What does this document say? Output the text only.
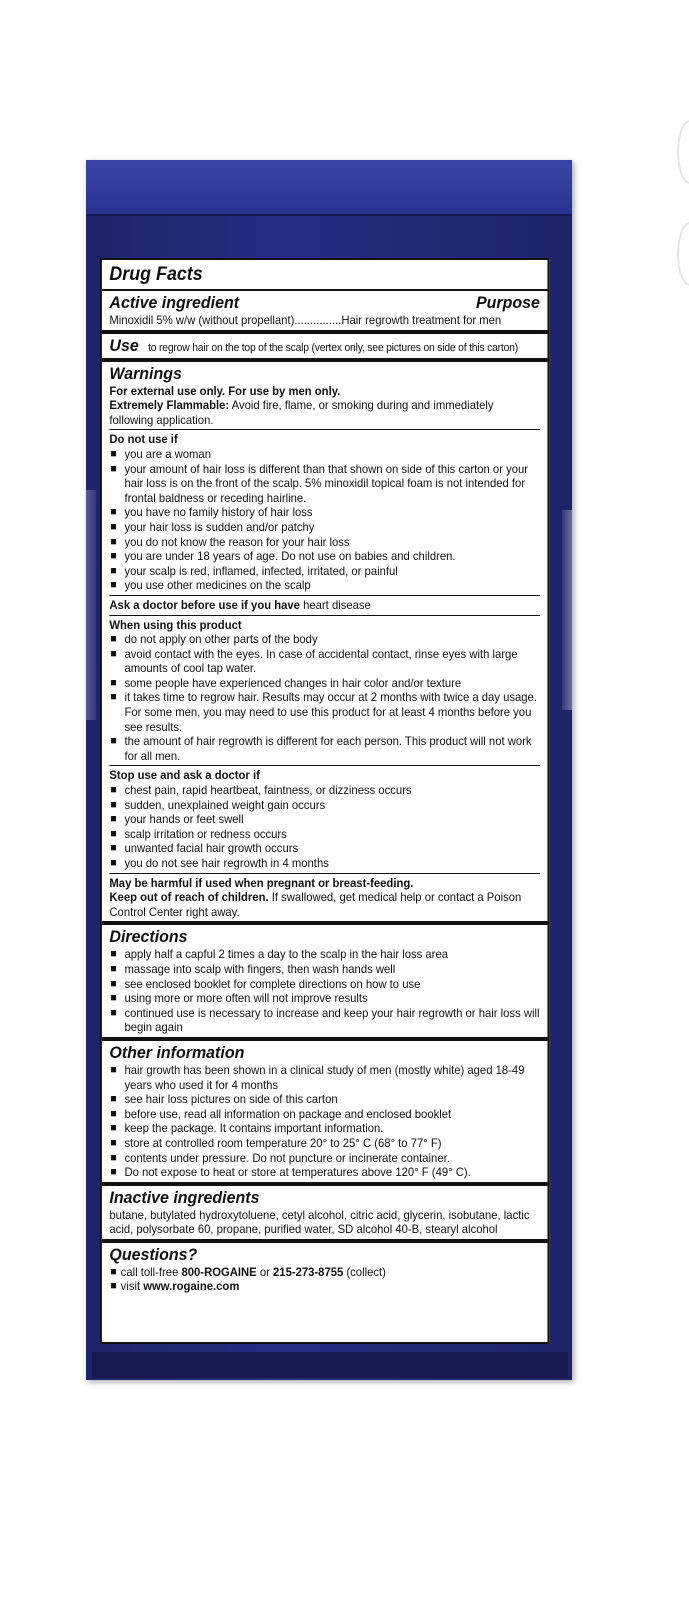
Drug Facts
Active ingredient	Purpose
Minoxidil 5% w/w (without propellant)...............Hair regrowth treatment for men
Use to regrow hair on the top of the scalp (vertex only, see pictures on side of this carton)
Warnings
For external use only. For use by men only.
Extremely Flammable: Avoid fire, flame, or smoking during and immediately following application.
Do not use if
■ you are a woman
■ your amount of hair loss is different than that shown on side of this carton or your hair loss is on the front of the scalp. 5% minoxidil topical foam is not intended for frontal baldness or receding hairline.
■ you have no family history of hair loss
■ your hair loss is sudden and/or patchy
■ you do not know the reason for your hair loss
■ you are under 18 years of age. Do not use on babies and children.
■ your scalp is red, inflamed, infected, irritated, or painful
■ you use other medicines on the scalp
Ask a doctor before use if you have heart disease
When using this product
■ do not apply on other parts of the body
■ avoid contact with the eyes. In case of accidental contact, rinse eyes with large amounts of cool tap water.
■ some people have experienced changes in hair color and/or texture
■ it takes time to regrow hair. Results may occur at 2 months with twice a day usage. For some men, you may need to use this product for at least 4 months before you see results.
■ the amount of hair regrowth is different for each person. This product will not work for all men.
Stop use and ask a doctor if
■ chest pain, rapid heartbeat, faintness, or dizziness occurs
■ sudden, unexplained weight gain occurs
■ your hands or feet swell
■ scalp irritation or redness occurs
■ unwanted facial hair growth occurs
■ you do not see hair regrowth in 4 months
May be harmful if used when pregnant or breast-feeding.
Keep out of reach of children. If swallowed, get medical help or contact a Poison Control Center right away.
Directions
■ apply half a capful 2 times a day to the scalp in the hair loss area
■ massage into scalp with fingers, then wash hands well
■ see enclosed booklet for complete directions on how to use
■ using more or more often will not improve results
■ continued use is necessary to increase and keep your hair regrowth or hair loss will begin again
Other information
■ hair growth has been shown in a clinical study of men (mostly white) aged 18-49 years who used it for 4 months
■ see hair loss pictures on side of this carton
■ before use, read all information on package and enclosed booklet
■ keep the package. It contains important information.
■ store at controlled room temperature 20° to 25° C (68° to 77° F)
■ contents under pressure. Do not puncture or incinerate container.
■ Do not expose to heat or store at temperatures above 120° F (49° C).
Inactive ingredients
butane, butylated hydroxytoluene, cetyl alcohol, citric acid, glycerin, isobutane, lactic acid, polysorbate 60, propane, purified water, SD alcohol 40-B, stearyl alcohol
Questions?
■ call toll-free 800-ROGAINE or 215-273-8755 (collect)
■ visit www.rogaine.com
